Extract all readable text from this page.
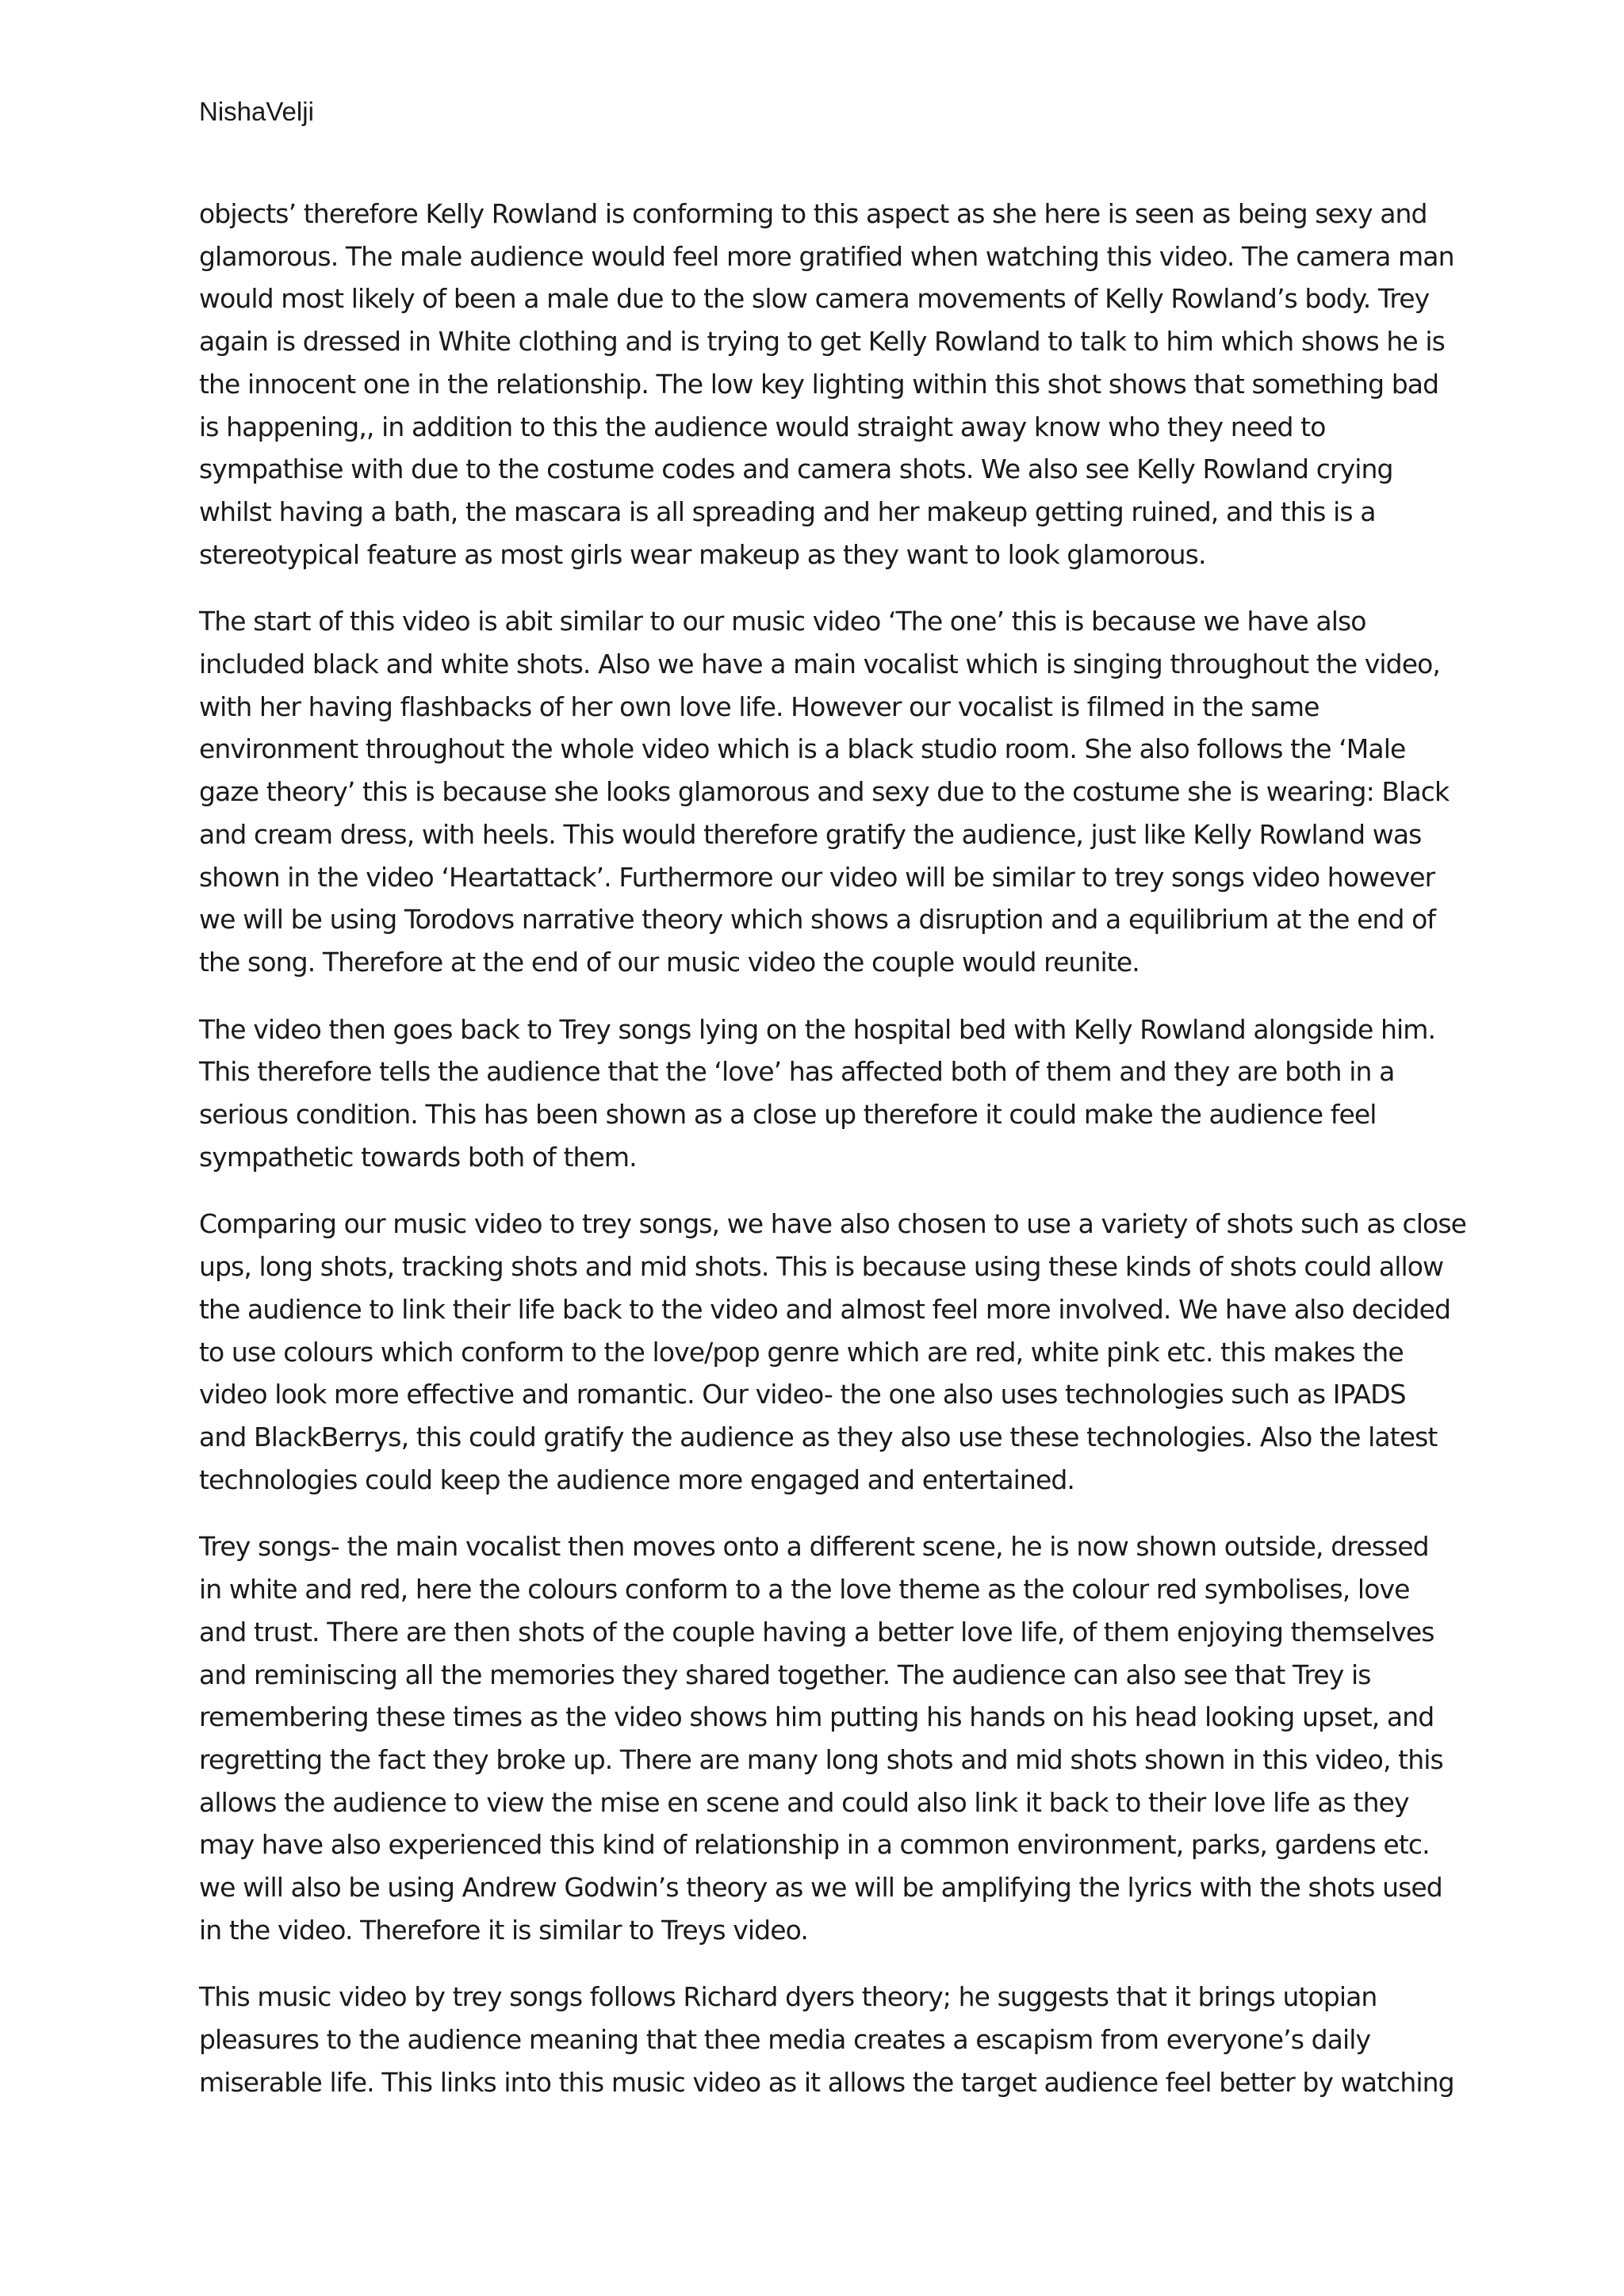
NishaVelji

objects’ therefore Kelly Rowland is conforming to this aspect as she here is seen as being sexy and
glamorous. The male audience would feel more gratified when watching this video. The camera man
would most likely of been a male due to the slow camera movements of Kelly Rowland’s body. Trey
again is dressed in White clothing and is trying to get Kelly Rowland to talk to him which shows he is
the innocent one in the relationship. The low key lighting within this shot shows that something bad
is happening,, in addition to this the audience would straight away know who they need to
sympathise with due to the costume codes and camera shots. We also see Kelly Rowland crying
whilst having a bath, the mascara is all spreading and her makeup getting ruined, and this is a
stereotypical feature as most girls wear makeup as they want to look glamorous.

The start of this video is abit similar to our music video ‘The one’ this is because we have also
included black and white shots. Also we have a main vocalist which is singing throughout the video,
with her having flashbacks of her own love life. However our vocalist is filmed in the same
environment throughout the whole video which is a black studio room. She also follows the ‘Male
gaze theory’ this is because she looks glamorous and sexy due to the costume she is wearing: Black
and cream dress, with heels. This would therefore gratify the audience, just like Kelly Rowland was
shown in the video ‘Heartattack’. Furthermore our video will be similar to trey songs video however
we will be using Torodovs narrative theory which shows a disruption and a equilibrium at the end of
the song. Therefore at the end of our music video the couple would reunite.

The video then goes back to Trey songs lying on the hospital bed with Kelly Rowland alongside him.
This therefore tells the audience that the ‘love’ has affected both of them and they are both in a
serious condition. This has been shown as a close up therefore it could make the audience feel
sympathetic towards both of them.

Comparing our music video to trey songs, we have also chosen to use a variety of shots such as close
ups, long shots, tracking shots and mid shots. This is because using these kinds of shots could allow
the audience to link their life back to the video and almost feel more involved. We have also decided
to use colours which conform to the love/pop genre which are red, white pink etc. this makes the
video look more effective and romantic. Our video- the one also uses technologies such as IPADS
and BlackBerrys, this could gratify the audience as they also use these technologies. Also the latest
technologies could keep the audience more engaged and entertained.

Trey songs- the main vocalist then moves onto a different scene, he is now shown outside, dressed
in white and red, here the colours conform to a the love theme as the colour red symbolises, love
and trust. There are then shots of the couple having a better love life, of them enjoying themselves
and reminiscing all the memories they shared together. The audience can also see that Trey is
remembering these times as the video shows him putting his hands on his head looking upset, and
regretting the fact they broke up. There are many long shots and mid shots shown in this video, this
allows the audience to view the mise en scene and could also link it back to their love life as they
may have also experienced this kind of relationship in a common environment, parks, gardens etc.
we will also be using Andrew Godwin’s theory as we will be amplifying the lyrics with the shots used
in the video. Therefore it is similar to Treys video.

This music video by trey songs follows Richard dyers theory; he suggests that it brings utopian
pleasures to the audience meaning that thee media creates a escapism from everyone’s daily
miserable life. This links into this music video as it allows the target audience feel better by watching
